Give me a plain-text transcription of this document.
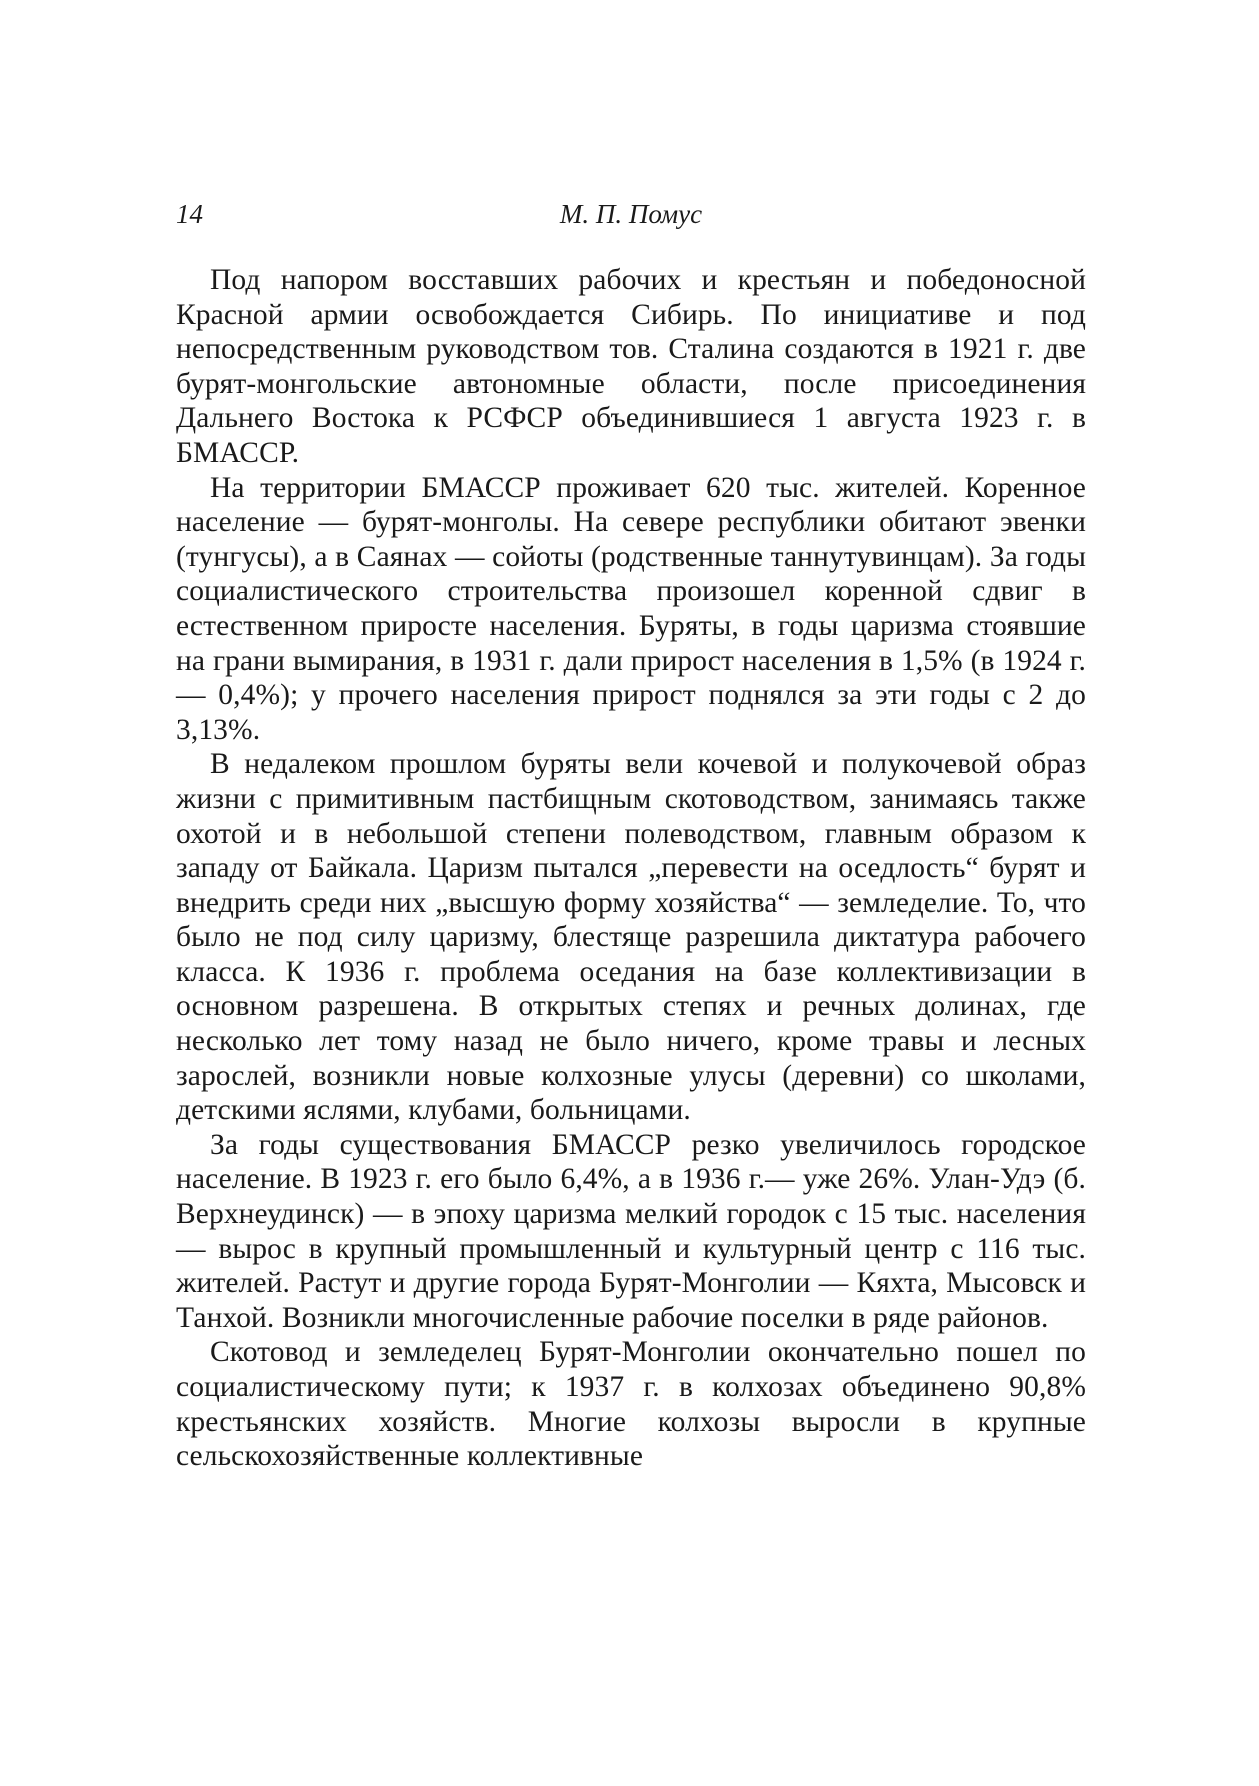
14	М. П. Помус

Под напором восставших рабочих и крестьян и победоносной Красной армии освобождается Сибирь. По инициативе и под непосредственным руководством тов. Сталина создаются в 1921 г. две бурят-монгольские автономные области, после присоединения Дальнего Востока к РСФСР объединившиеся 1 августа 1923 г. в БМАССР.

На территории БМАССР проживает 620 тыс. жителей. Коренное население — бурят-монголы. На севере республики обитают эвенки (тунгусы), а в Саянах — сойоты (родственные таннутувинцам). За годы социалистического строительства произошел коренной сдвиг в естественном приросте населения. Буряты, в годы царизма стоявшие на грани вымирания, в 1931 г. дали прирост населения в 1,5% (в 1924 г.— 0,4%); у прочего населения прирост поднялся за эти годы с 2 до 3,13%.

В недалеком прошлом буряты вели кочевой и полукочевой образ жизни с примитивным пастбищным скотоводством, занимаясь также охотой и в небольшой степени полеводством, главным образом к западу от Байкала. Царизм пытался „перевести на оседлость“ бурят и внедрить среди них „высшую форму хозяйства“ — земледелие. То, что было не под силу царизму, блестяще разрешила диктатура рабочего класса. К 1936 г. проблема оседания на базе коллективизации в основном разрешена. В открытых степях и речных долинах, где несколько лет тому назад не было ничего, кроме травы и лесных зарослей, возникли новые колхозные улусы (деревни) со школами, детскими яслями, клубами, больницами.

За годы существования БМАССР резко увеличилось городское население. В 1923 г. его было 6,4%, а в 1936 г.— уже 26%. Улан-Удэ (б. Верхнеудинск) — в эпоху царизма мелкий городок с 15 тыс. населения — вырос в крупный промышленный и культурный центр с 116 тыс. жителей. Растут и другие города Бурят-Монголии — Кяхта, Мысовск и Танхой. Возникли многочисленные рабочие поселки в ряде районов.

Скотовод и земледелец Бурят-Монголии окончательно пошел по социалистическому пути; к 1937 г. в колхозах объединено 90,8% крестьянских хозяйств. Многие колхозы выросли в крупные сельскохозяйственные коллективные
